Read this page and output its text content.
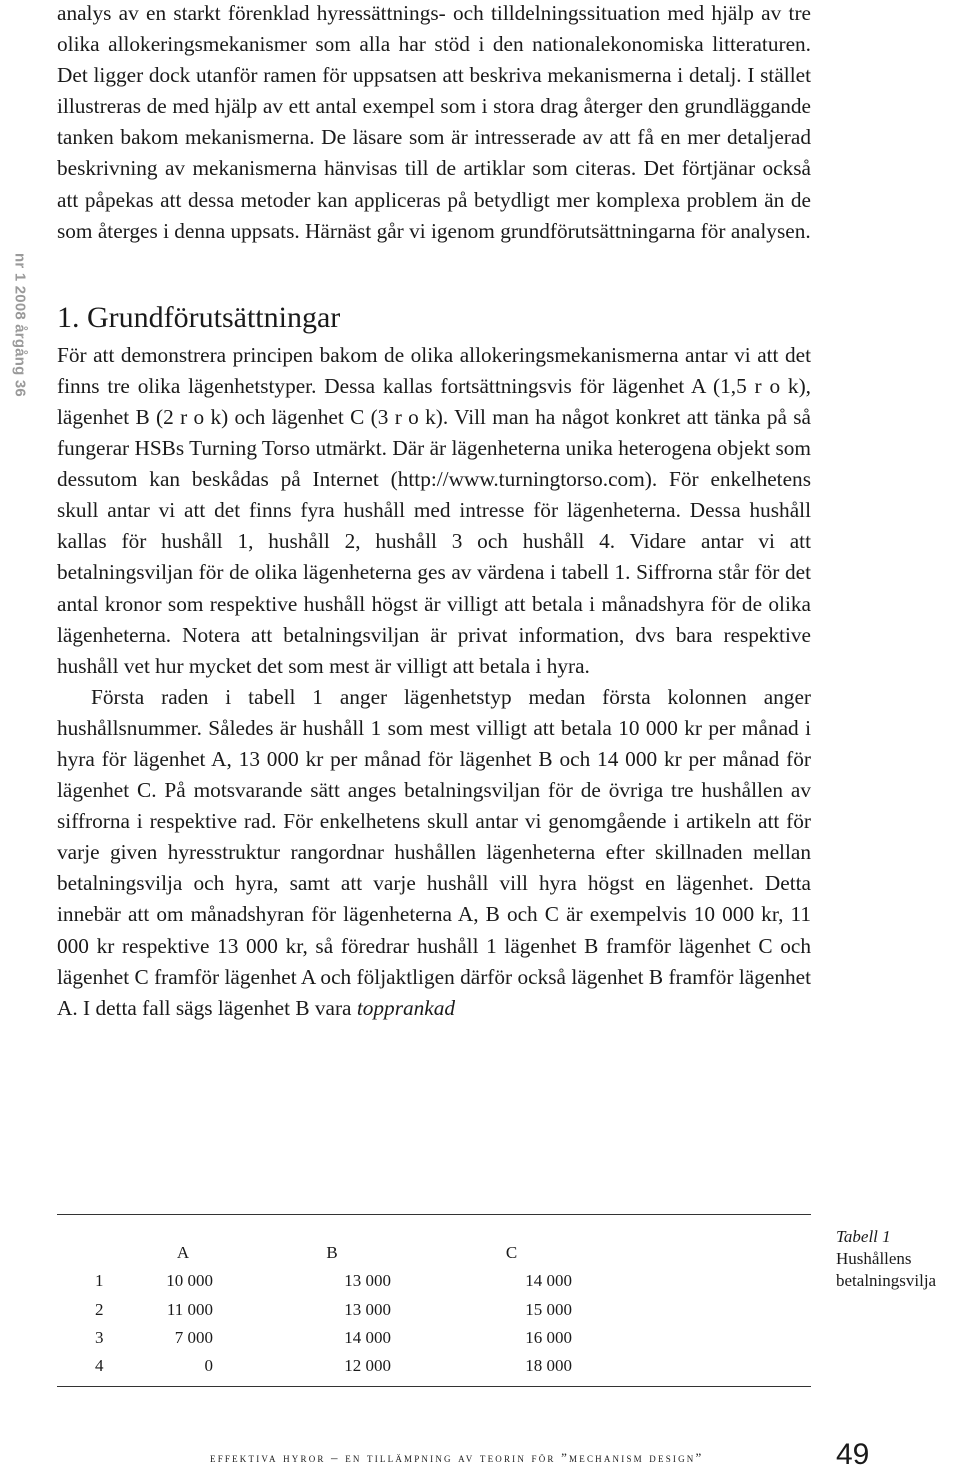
nr 1 2008 årgång 36

analys av en starkt förenklad hyressättnings- och tilldelningssituation med hjälp av tre olika allokeringsmekanismer som alla har stöd i den nationalekonomiska litteraturen. Det ligger dock utanför ramen för uppsatsen att beskriva mekanismerna i detalj. I stället illustreras de med hjälp av ett antal exempel som i stora drag återger den grundläggande tanken bakom mekanismerna. De läsare som är intresserade av att få en mer detaljerad beskrivning av mekanismerna hänvisas till de artiklar som citeras. Det förtjänar också att påpekas att dessa metoder kan appliceras på betydligt mer komplexa problem än de som återges i denna uppsats. Härnäst går vi igenom grundförutsättningarna för analysen.

1. Grundförutsättningar

För att demonstrera principen bakom de olika allokeringsmekanismerna antar vi att det finns tre olika lägenhetstyper. Dessa kallas fortsättningsvis för lägenhet A (1,5 r o k), lägenhet B (2 r o k) och lägenhet C (3 r o k). Vill man ha något konkret att tänka på så fungerar HSBs Turning Torso utmärkt. Där är lägenheterna unika heterogena objekt som dessutom kan beskådas på Internet (http://www.turningtorso.com). För enkelhetens skull antar vi att det finns fyra hushåll med intresse för lägenheterna. Dessa hushåll kallas för hushåll 1, hushåll 2, hushåll 3 och hushåll 4. Vidare antar vi att betalningsviljan för de olika lägenheterna ges av värdena i tabell 1. Siffrorna står för det antal kronor som respektive hushåll högst är villigt att betala i månadshyra för de olika lägenheterna. Notera att betalningsviljan är privat information, dvs bara respektive hushåll vet hur mycket det som mest är villigt att betala i hyra.

Första raden i tabell 1 anger lägenhetstyp medan första kolonnen anger hushållsnummer. Således är hushåll 1 som mest villigt att betala 10 000 kr per månad i hyra för lägenhet A, 13 000 kr per månad för lägenhet B och 14 000 kr per månad för lägenhet C. På motsvarande sätt anges betalningsviljan för de övriga tre hushållen av siffrorna i respektive rad. För enkelhetens skull antar vi genomgående i artikeln att för varje given hyresstruktur rangordnar hushållen lägenheterna efter skillnaden mellan betalningsvilja och hyra, samt att varje hushåll vill hyra högst en lägenhet. Detta innebär att om månadshyran för lägenheterna A, B och C är exempelvis 10 000 kr, 11 000 kr respektive 13 000 kr, så föredrar hushåll 1 lägenhet B framför lägenhet C och lägenhet C framför lägenhet A och följaktligen därför också lägenhet B framför lägenhet A. I detta fall sägs lägenhet B vara topprankad

	A	B	C
1	10 000	13 000	14 000
2	11 000	13 000	15 000
3	7 000	14 000	16 000
4	0	12 000	18 000
Tabell 1
Hushållens
betalningsvilja
effektiva hyror – en tillämpning av teorin för ”mechanism design”	49
